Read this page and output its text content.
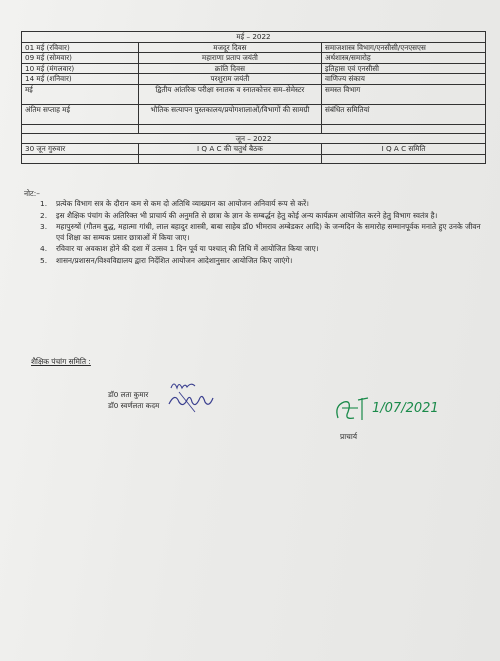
मई – 2022		
01 मई (रविवार)	मजदूर दिवस	समाजशास्त्र विभाग/एनसीसी/एनएसएस
09 मई (सोमवार)	महाराणा प्रताप जयंती	अर्थशास्त्र/समारोह
10 मई (मंगलवार)	क्रांति दिवस	इतिहास एवं एनसीसी
14 मई (शनिवार)	परशुराम जयंती	वाणिज्य संकाय
मई	द्वितीय आंतरिक परीक्षा स्नातक व स्नातकोत्तर सम–सेमेस्टर	समस्त विभाग
अंतिम सप्ताह मई	भौतिक सत्यापन पुस्तकालय/प्रयोगशालाओं/विभागों की सामग्री	संबंधित समितियां

जून – 2022		
30 जून गुरुवार	I Q A C की चतुर्थ बैठक	I Q A C समिति

नोट:–
1.	प्रत्येक विभाग सत्र के दौरान कम से कम दो अतिथि व्याख्यान का आयोजन अनिवार्य रूप से करें।
2.	इस शैक्षिक पंचांग के अतिरिक्त भी प्राचार्य की अनुमति से छात्रा के ज्ञान के सम्बर्द्धन हेतु कोई अन्य कार्यक्रम आयोजित करने हेतु विभाग स्वतंत्र है।
3.	महापुरुषों (गौतम बुद्ध, महात्मा गांधी, लाल बहादुर शास्त्री, बाबा साहेब डॉ0 भीमराव अम्बेडकर आदि) के जन्मदिन के समारोह सम्मानपूर्वक मनाते हुए उनके जीवन एवं शिक्षा का सम्यक प्रसार छात्राओं में किया जाए।
4.	रविवार या अवकाश होने की दशा में उत्सव 1 दिन पूर्व या पश्चात् की तिथि में आयोजित किया जाए।
5.	शासन/प्रशासन/विश्वविद्यालय द्वारा निर्देशित आयोजन आदेशानुसार आयोजित किए जाएंगे।
शैक्षिक पंचांग समिति :
डॉ0 लता कुमार
डॉ0 स्वर्णलता कदम	1/07/2021
प्राचार्य
